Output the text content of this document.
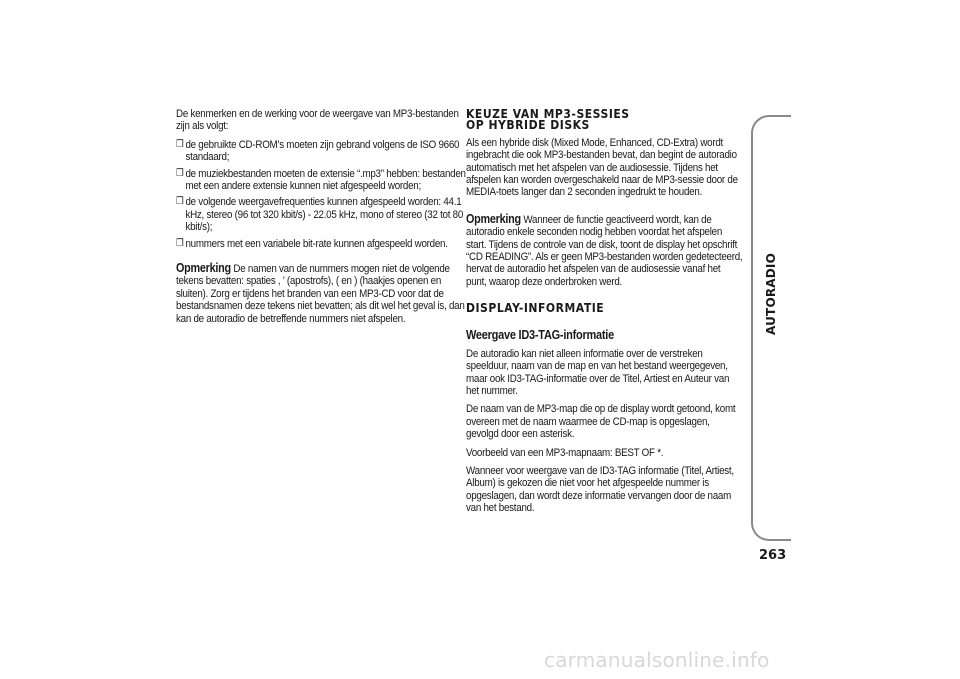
De kenmerken en de werking voor de weergave van MP3-bestanden zijn als volgt:

❒ de gebruikte CD-ROM’s moeten zijn gebrand volgens de ISO 9660 standaard;
❒ de muziekbestanden moeten de extensie “.mp3” hebben: bestanden met een andere extensie kunnen niet afgespeeld worden;
❒ de volgende weergavefrequenties kunnen afgespeeld worden: 44.1 kHz, stereo (96 tot 320 kbit/s) - 22.05 kHz, mono of stereo (32 tot 80 kbit/s);
❒ nummers met een variabele bit-rate kunnen afgespeeld worden.

Opmerking De namen van de nummers mogen niet de volgende tekens bevatten: spaties , ' (apostrofs), ( en ) (haakjes openen en sluiten). Zorg er tijdens het branden van een MP3-CD voor dat de bestandsnamen deze tekens niet bevatten; als dit wel het geval is, dan kan de autoradio de betreffende nummers niet afspelen.

KEUZE VAN MP3-SESSIES
OP HYBRIDE DISKS

Als een hybride disk (Mixed Mode, Enhanced, CD-Extra) wordt ingebracht die ook MP3-bestanden bevat, dan begint de autoradio automatisch met het afspelen van de audiosessie. Tijdens het afspelen kan worden overgeschakeld naar de MP3-sessie door de MEDIA-toets langer dan 2 seconden ingedrukt te houden.

Opmerking Wanneer de functie geactiveerd wordt, kan de autoradio enkele seconden nodig hebben voordat het afspelen start. Tijdens de controle van de disk, toont de display het opschrift “CD READING”. Als er geen MP3-bestanden worden gedetecteerd, hervat de autoradio het afspelen van de audiosessie vanaf het punt, waarop deze onderbroken werd.

DISPLAY-INFORMATIE
Weergave ID3-TAG-informatie

De autoradio kan niet alleen informatie over de verstreken speelduur, naam van de map en van het bestand weergegeven, maar ook ID3-TAG-informatie over de Titel, Artiest en Auteur van het nummer.

De naam van de MP3-map die op de display wordt getoond, komt overeen met de naam waarmee de CD-map is opgeslagen, gevolgd door een asterisk.

Voorbeeld van een MP3-mapnaam: BEST OF *.

Wanneer voor weergave van de ID3-TAG informatie (Titel, Artiest, Album) is gekozen die niet voor het afgespeelde nummer is opgeslagen, dan wordt deze informatie vervangen door de naam van het bestand.

AUTORADIO
263
carmanualsonline.info
